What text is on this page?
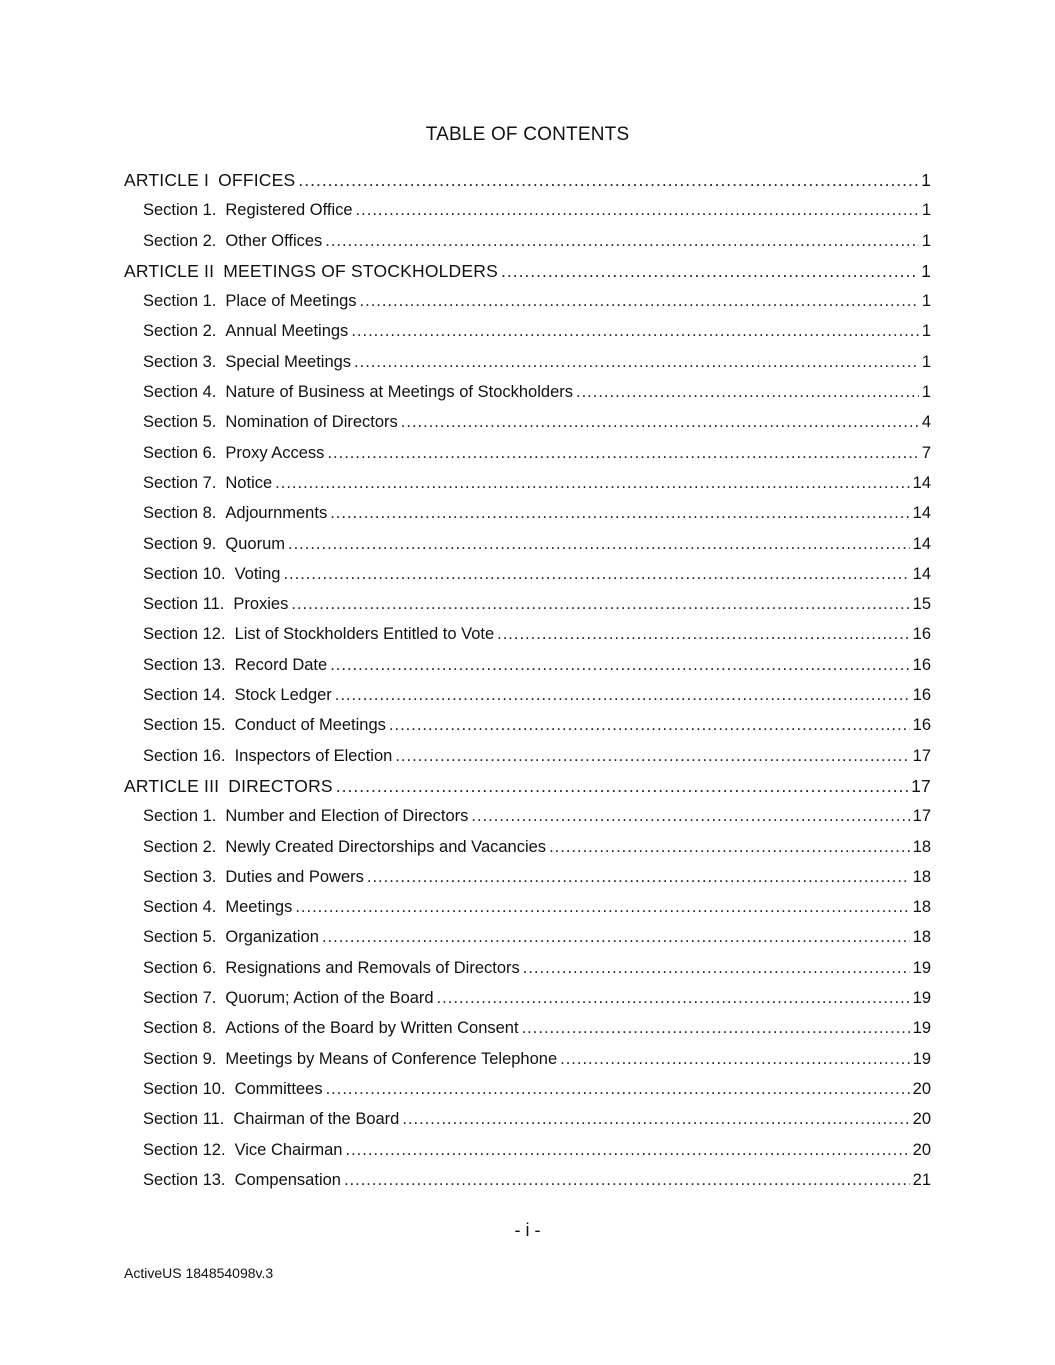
TABLE OF CONTENTS
ARTICLE I OFFICES .....	1
Section 1. Registered Office .....	1
Section 2. Other Offices .....	1
ARTICLE II MEETINGS OF STOCKHOLDERS .....	1
Section 1. Place of Meetings .....	1
Section 2. Annual Meetings .....	1
Section 3. Special Meetings .....	1
Section 4. Nature of Business at Meetings of Stockholders .....	1
Section 5. Nomination of Directors .....	4
Section 6. Proxy Access .....	7
Section 7. Notice .....	14
Section 8. Adjournments .....	14
Section 9. Quorum .....	14
Section 10. Voting .....	14
Section 11. Proxies .....	15
Section 12. List of Stockholders Entitled to Vote .....	16
Section 13. Record Date .....	16
Section 14. Stock Ledger .....	16
Section 15. Conduct of Meetings .....	16
Section 16. Inspectors of Election .....	17
ARTICLE III DIRECTORS .....	17
Section 1. Number and Election of Directors .....	17
Section 2. Newly Created Directorships and Vacancies .....	18
Section 3. Duties and Powers .....	18
Section 4. Meetings .....	18
Section 5. Organization .....	18
Section 6. Resignations and Removals of Directors .....	19
Section 7. Quorum; Action of the Board .....	19
Section 8. Actions of the Board by Written Consent .....	19
Section 9. Meetings by Means of Conference Telephone .....	19
Section 10. Committees .....	20
Section 11. Chairman of the Board .....	20
Section 12. Vice Chairman .....	20
Section 13. Compensation .....	21
- i -
ActiveUS 184854098v.3
